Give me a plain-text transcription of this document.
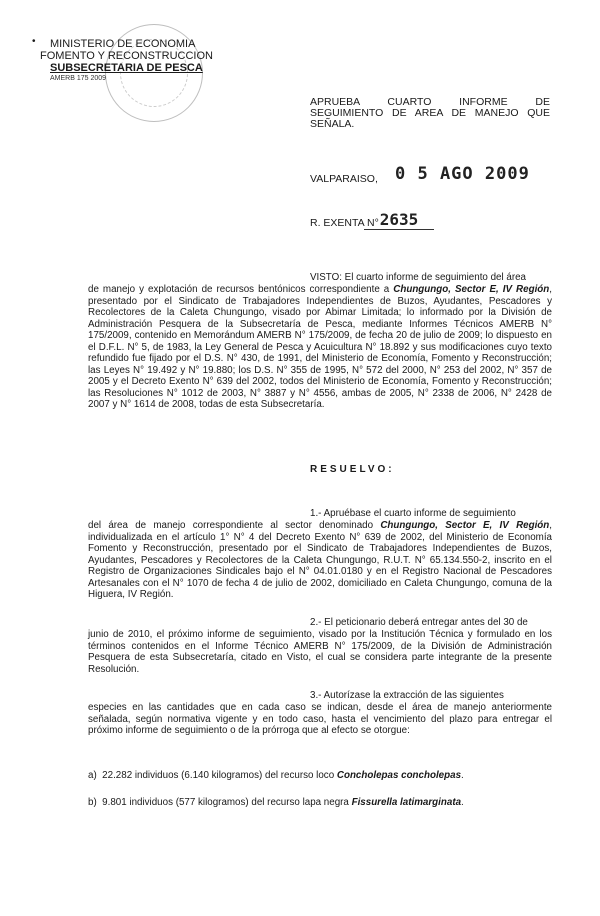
• MINISTERIO DE ECONOMIA
FOMENTO Y RECONSTRUCCION
SUBSECRETARIA DE PESCA
AMERB 175 2009
APRUEBA CUARTO INFORME DE SEGUIMIENTO DE AREA DE MANEJO QUE SEÑALA.
VALPARAISO, 0 5 AGO 2009
R. EXENTA N° 2635
VISTO: El cuarto informe de seguimiento del área
de manejo y explotación de recursos bentónicos correspondiente a Chungungo, Sector E, IV Región, presentado por el Sindicato de Trabajadores Independientes de Buzos, Ayudantes, Pescadores y Recolectores de la Caleta Chungungo, visado por Abimar Limitada; lo informado por la División de Administración Pesquera de la Subsecretaría de Pesca, mediante Informes Técnicos AMERB N° 175/2009, contenido en Memorándum AMERB N° 175/2009, de fecha 20 de julio de 2009; lo dispuesto en el D.F.L. N° 5, de 1983, la Ley General de Pesca y Acuicultura N° 18.892 y sus modificaciones cuyo texto refundido fue fijado por el D.S. N° 430, de 1991, del Ministerio de Economía, Fomento y Reconstrucción; las Leyes N° 19.492 y N° 19.880; los D.S. N° 355 de 1995, N° 572 del 2000, N° 253 del 2002, N° 357 de 2005 y el Decreto Exento N° 639 del 2002, todos del Ministerio de Economía, Fomento y Reconstrucción; las Resoluciones N° 1012 de 2003, N° 3887 y N° 4556, ambas de 2005, N° 2338 de 2006, N° 2428 de 2007 y N° 1614 de 2008, todas de esta Subsecretaría.
RESUELVO:
1.- Apruébase el cuarto informe de seguimiento
del área de manejo correspondiente al sector denominado Chungungo, Sector E, IV Región, individualizada en el artículo 1° N° 4 del Decreto Exento N° 639 de 2002, del Ministerio de Economía Fomento y Reconstrucción, presentado por el Sindicato de Trabajadores Independientes de Buzos, Ayudantes, Pescadores y Recolectores de la Caleta Chungungo, R.U.T. N° 65.134.550-2, inscrito en el Registro de Organizaciones Sindicales bajo el N° 04.01.0180 y en el Registro Nacional de Pescadores Artesanales con el N° 1070 de fecha 4 de julio de 2002, domiciliado en Caleta Chungungo, comuna de la Higuera, IV Región.
2.- El peticionario deberá entregar antes del 30 de
junio de 2010, el próximo informe de seguimiento, visado por la Institución Técnica y formulado en los términos contenidos en el Informe Técnico AMERB N° 175/2009, de la División de Administración Pesquera de esta Subsecretaría, citado en Visto, el cual se considera parte integrante de la presente Resolución.
3.- Autorízase la extracción de las siguientes
especies en las cantidades que en cada caso se indican, desde el área de manejo anteriormente señalada, según normativa vigente y en todo caso, hasta el vencimiento del plazo para entregar el próximo informe de seguimiento o de la prórroga que al efecto se otorgue:
a) 22.282 individuos (6.140 kilogramos) del recurso loco Concholepas concholepas.
b) 9.801 individuos (577 kilogramos) del recurso lapa negra Fissurella latimarginata.
